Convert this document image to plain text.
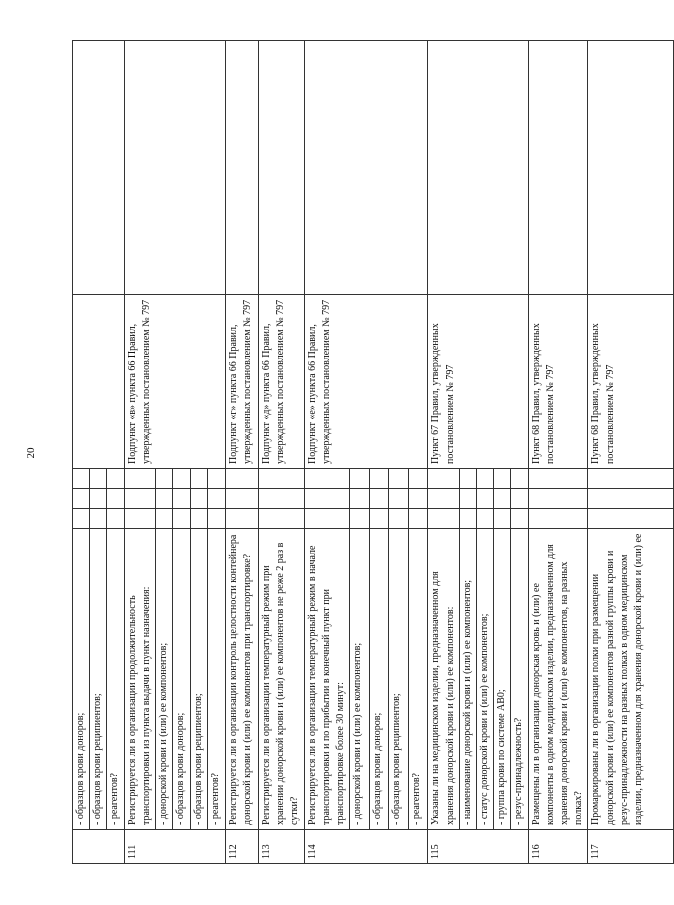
20
	- образцов крови доноров;					
	- образцов крови реципиентов;					
	- реагентов?					
111	Регистрируется ли в организации продолжительность транспортировки из пункта выдачи в пункт назначения:				Подпункт «в» пункта 66 Правил, утвержденных постановлением № 797	
	- донорской крови и (или) ее компонентов;					
	- образцов крови доноров;					
	- образцов крови реципиентов;					
	- реагентов?					
112	Регистрируется ли в организации контроль целостности контейнера донорской крови и (или) ее компонентов при транспортировке?				Подпункт «г» пункта 66 Правил, утвержденных постановлением № 797	
113	Регистрируется ли в организации температурный режим при хранении донорской крови и (или) ее компонентов не реже 2 раз в сутки?				Подпункт «д» пункта 66 Правил, утвержденных постановлением № 797	
114	Регистрируется ли в организации температурный режим в начале транспортировки и по прибытии в конечный пункт при транспортировке более 30 минут:				Подпункт «е» пункта 66 Правил, утвержденных постановлением № 797	
	- донорской крови и (или) ее компонентов;					
	- образцов крови доноров;					
	- образцов крови реципиентов;					
	- реагентов?					
115	Указаны ли на медицинском изделии, предназначенном для хранения донорской крови и (или) ее компонентов:				Пункт 67 Правил, утвержденных постановлением № 797	
	- наименование донорской крови и (или) ее компонентов;					
	- статус донорской крови и (или) ее компонентов;					
	- группа крови по системе АВ0;					
	- резус-принадлежность?					
116	Размещены ли в организации донорская кровь и (или) ее компоненты в одном медицинском изделии, предназначенном для хранения донорской крови и (или) ее компонентов, на разных полках?				Пункт 68 Правил, утвержденных постановлением № 797	
117	Промаркированы ли в организации полки при размещении донорской крови и (или) ее компонентов разной группы крови и резус-принадлежности на разных полках в одном медицинском изделии, предназначенном для хранения донорской крови и (или) ее				Пункт 68 Правил, утвержденных постановлением № 797	
